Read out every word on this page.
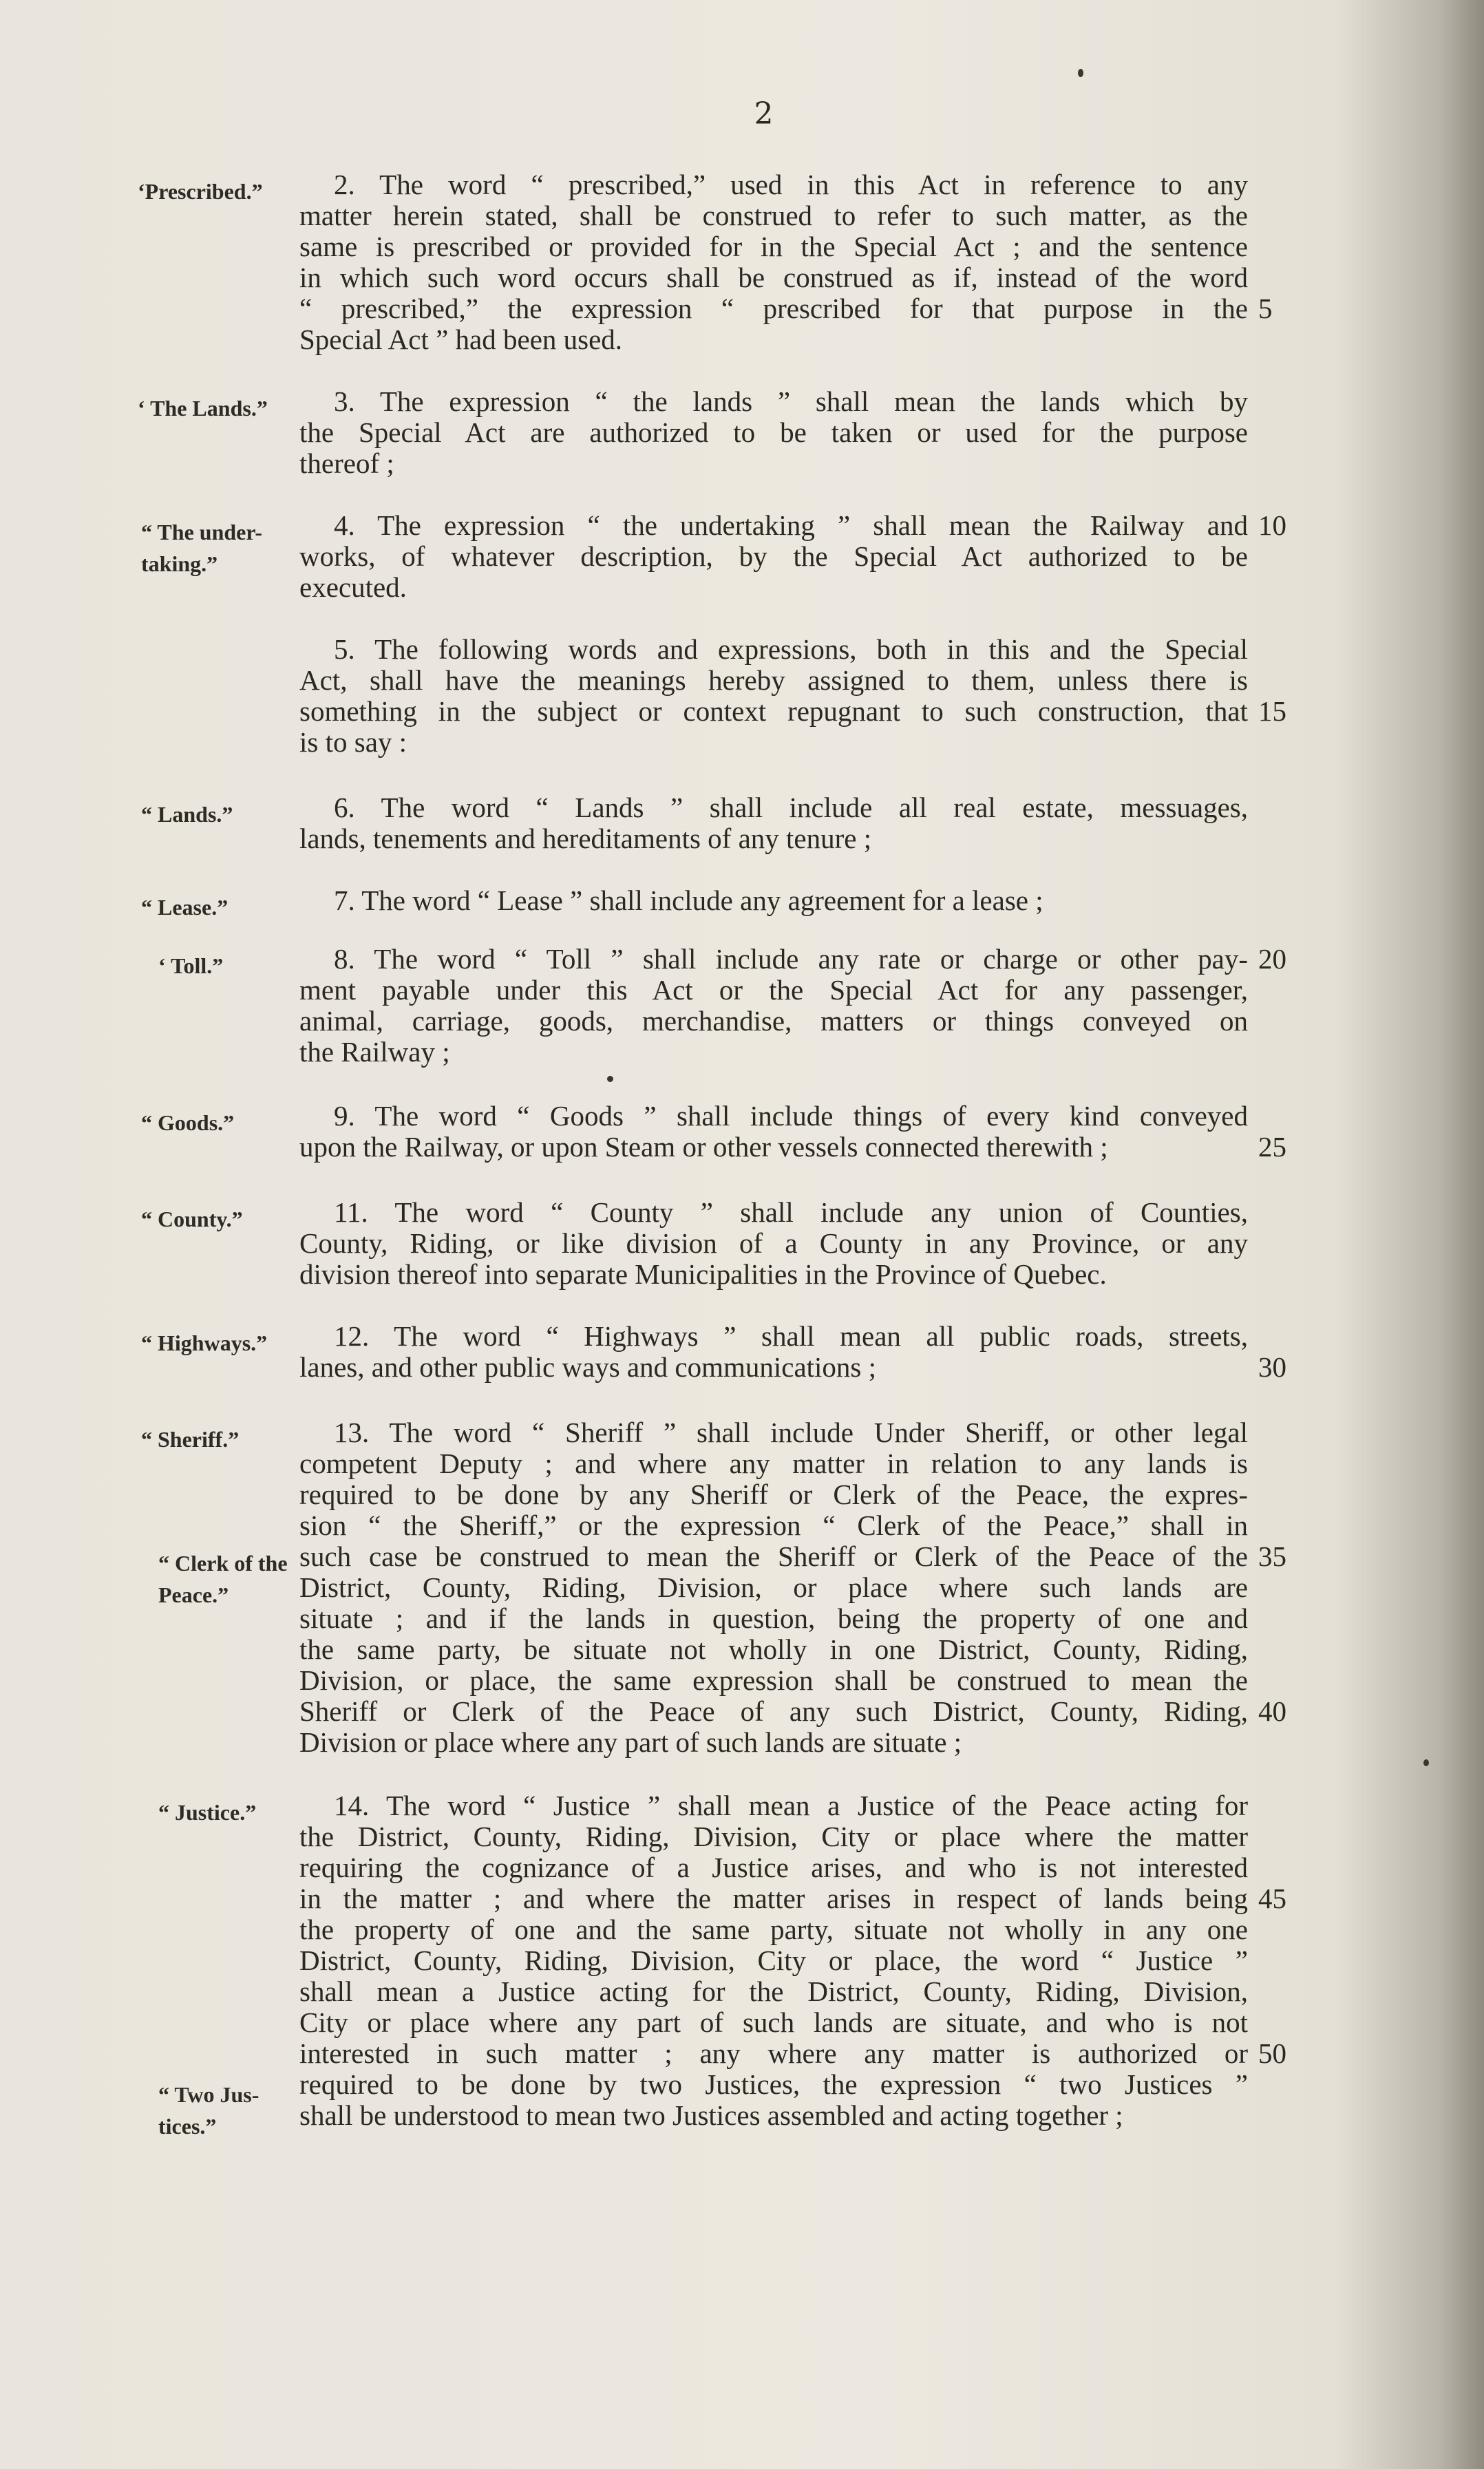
2
2. The word “ prescribed,” used in this Act in reference to any
matter herein stated, shall be construed to refer to such matter, as the
same is prescribed or provided for in the Special Act ; and the sentence
in which such word occurs shall be construed as if, instead of the word
“ prescribed,” the expression “ prescribed for that purpose in the 5
Special Act ” had been used.
3. The expression “ the lands ” shall mean the lands which by
the Special Act are authorized to be taken or used for the purpose
thereof ;
4. The expression “ the undertaking ” shall mean the Railway and 10
works, of whatever description, by the Special Act authorized to be
executed.
5. The following words and expressions, both in this and the Special
Act, shall have the meanings hereby assigned to them, unless there is
something in the subject or context repugnant to such construction, that 15
is to say :
6. The word “ Lands ” shall include all real estate, messuages,
lands, tenements and hereditaments of any tenure ;
7. The word “ Lease ” shall include any agreement for a lease ;
8. The word “ Toll ” shall include any rate or charge or other pay- 20
ment payable under this Act or the Special Act for any passenger,
animal, carriage, goods, merchandise, matters or things conveyed on
the Railway ;
9. The word “ Goods ” shall include things of every kind conveyed
upon the Railway, or upon Steam or other vessels connected therewith ;	25
11. The word “ County ” shall include any union of Counties,
County, Riding, or like division of a County in any Province, or any
division thereof into separate Municipalities in the Province of Quebec.
12. The word “ Highways ” shall mean all public roads, streets,
lanes, and other public ways and communications ;	30
13. The word “ Sheriff ” shall include Under Sheriff, or other legal
competent Deputy ; and where any matter in relation to any lands is
required to be done by any Sheriff or Clerk of the Peace, the expres-
sion “ the Sheriff,” or the expression “ Clerk of the Peace,” shall in
such case be construed to mean the Sheriff or Clerk of the Peace of the 35
District, County, Riding, Division, or place where such lands are
situate ; and if the lands in question, being the property of one and
the same party, be situate not wholly in one District, County, Riding,
Division, or place, the same expression shall be construed to mean the
Sheriff or Clerk of the Peace of any such District, County, Riding, 40
Division or place where any part of such lands are situate ;
14. The word “ Justice ” shall mean a Justice of the Peace acting for
the District, County, Riding, Division, City or place where the matter
requiring the cognizance of a Justice arises, and who is not interested
in the matter ; and where the matter arises in respect of lands being 45
the property of one and the same party, situate not wholly in any one
District, County, Riding, Division, City or place, the word “ Justice ”
shall mean a Justice acting for the District, County, Riding, Division,
City or place where any part of such lands are situate, and who is not
interested in such matter ; any where any matter is authorized or 50
required to be done by two Justices, the expression “ two Justices ”
shall be understood to mean two Justices assembled and acting together ;
‘Prescribed.”
‘ The Lands.”
“ The under-
taking.”
“ Lands.”
“ Lease.”
‘ Toll.”
“ Goods.”
“ County.”
“ Highways.”
“ Sheriff.”
“ Clerk of the
Peace.”
“ Justice.”
“ Two Jus-
tices.”
